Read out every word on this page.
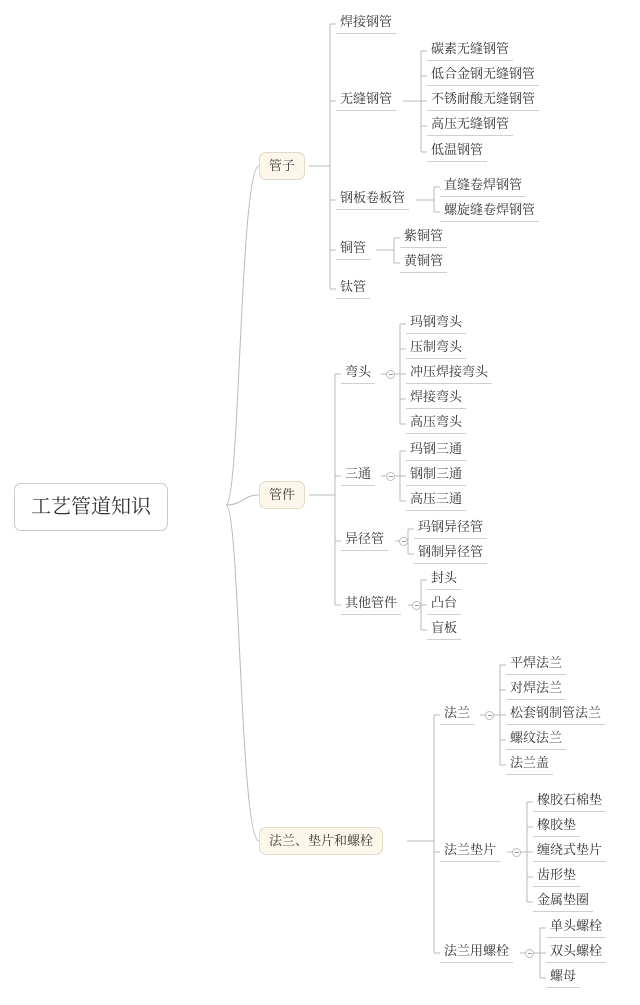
工艺管道知识
管子
焊接钢管
无缝钢管
碳素无缝钢管
低合金钢无缝钢管
不锈耐酸无缝钢管
高压无缝钢管
低温钢管
钢板卷板管
直缝卷焊钢管
螺旋缝卷焊钢管
铜管
紫铜管
黄铜管
钛管
管件
弯头
玛钢弯头
压制弯头
冲压焊接弯头
焊接弯头
高压弯头
三通
玛钢三通
钢制三通
高压三通
异径管
玛钢异径管
钢制异径管
其他管件
封头
凸台
盲板
法兰、垫片和螺栓
法兰
平焊法兰
对焊法兰
松套钢制管法兰
螺纹法兰
法兰盖
法兰垫片
橡胶石棉垫
橡胶垫
缠绕式垫片
齿形垫
金属垫圈
法兰用螺栓
单头螺栓
双头螺栓
螺母
